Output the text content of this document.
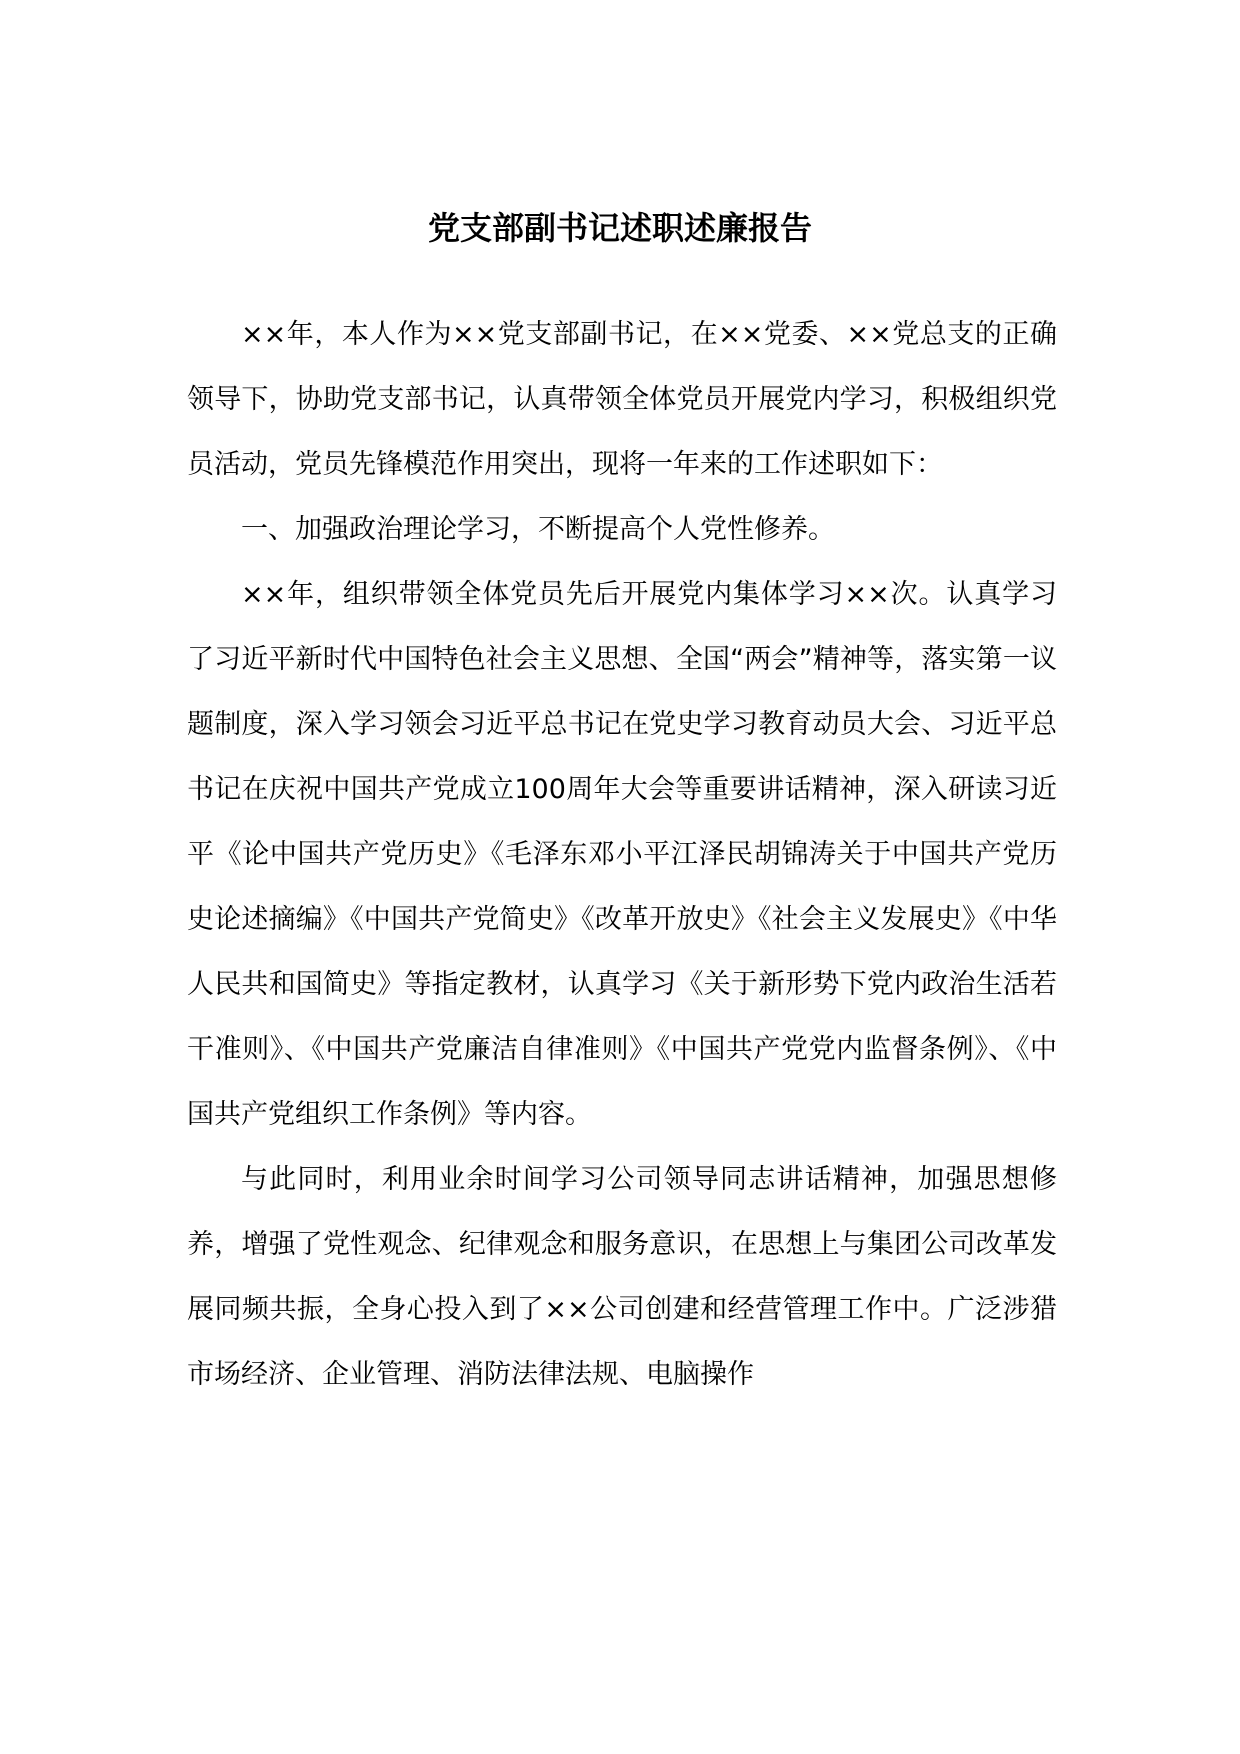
党支部副书记述职述廉报告

××年，本人作为××党支部副书记，在××党委、××党总支的正确领导下，协助党支部书记，认真带领全体党员开展党内学习，积极组织党员活动，党员先锋模范作用突出，现将一年来的工作述职如下：

一、加强政治理论学习，不断提高个人党性修养。

××年，组织带领全体党员先后开展党内集体学习××次。认真学习了习近平新时代中国特色社会主义思想、全国“两会”精神等，落实第一议题制度，深入学习领会习近平总书记在党史学习教育动员大会、习近平总书记在庆祝中国共产党成立100周年大会等重要讲话精神，深入研读习近平《论中国共产党历史》《毛泽东邓小平江泽民胡锦涛关于中国共产党历史论述摘编》《中国共产党简史》《改革开放史》《社会主义发展史》《中华人民共和国简史》等指定教材，认真学习《关于新形势下党内政治生活若干准则》、《中国共产党廉洁自律准则》《中国共产党党内监督条例》、《中国共产党组织工作条例》等内容。

与此同时，利用业余时间学习公司领导同志讲话精神，加强思想修养，增强了党性观念、纪律观念和服务意识，在思想上与集团公司改革发展同频共振，全身心投入到了××公司创建和经营管理工作中。广泛涉猎市场经济、企业管理、消防法律法规、电脑操作
